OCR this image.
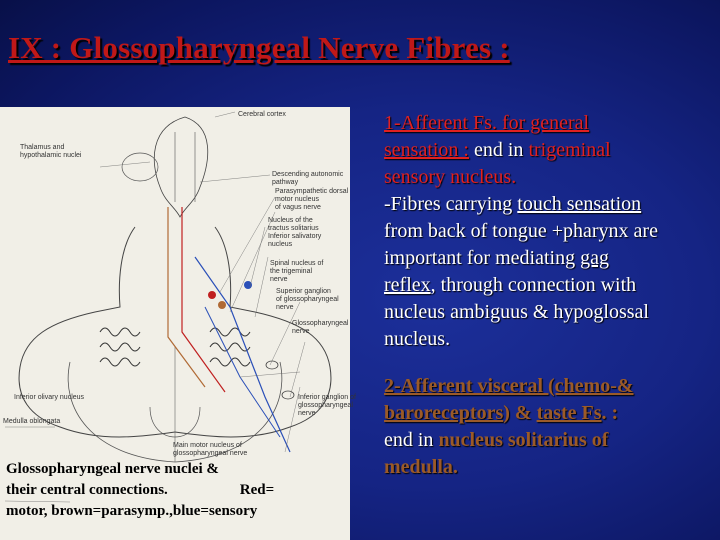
IX : Glossopharyngeal Nerve Fibres :
Cerebral cortex
Descending autonomic
pathway
Thalamus and
hypothalamic nuclei
Parasympathetic dorsal
motor nucleus
of vagus nerve
Nucleus of the
tractus solitarius
Inferior salivatory
nucleus
Spinal nucleus of
the trigeminal
nerve
Superior ganglion
of glossopharyngeal
nerve
Glossopharyngeal
nerve
Medulla oblongata
Inferior olivary nucleus	Inferior ganglion of
glossopharyngeal
nerve
Main motor nucleus of
glossopharyngeal nerve

Glossopharyngeal nerve nuclei &
their central connections.	Red=
motor, brown=parasymp.,blue=sensory

1-Afferent Fs. for general
sensation : end in trigeminal
sensory nucleus.
-Fibres carrying touch sensation
from back of tongue +pharynx are
important for mediating gag
reflex, through connection with
nucleus ambiguus & hypoglossal
nucleus.

2-Afferent visceral (chemo-&
baroreceptors) & taste Fs. :
end in nucleus solitarius of
medulla.
